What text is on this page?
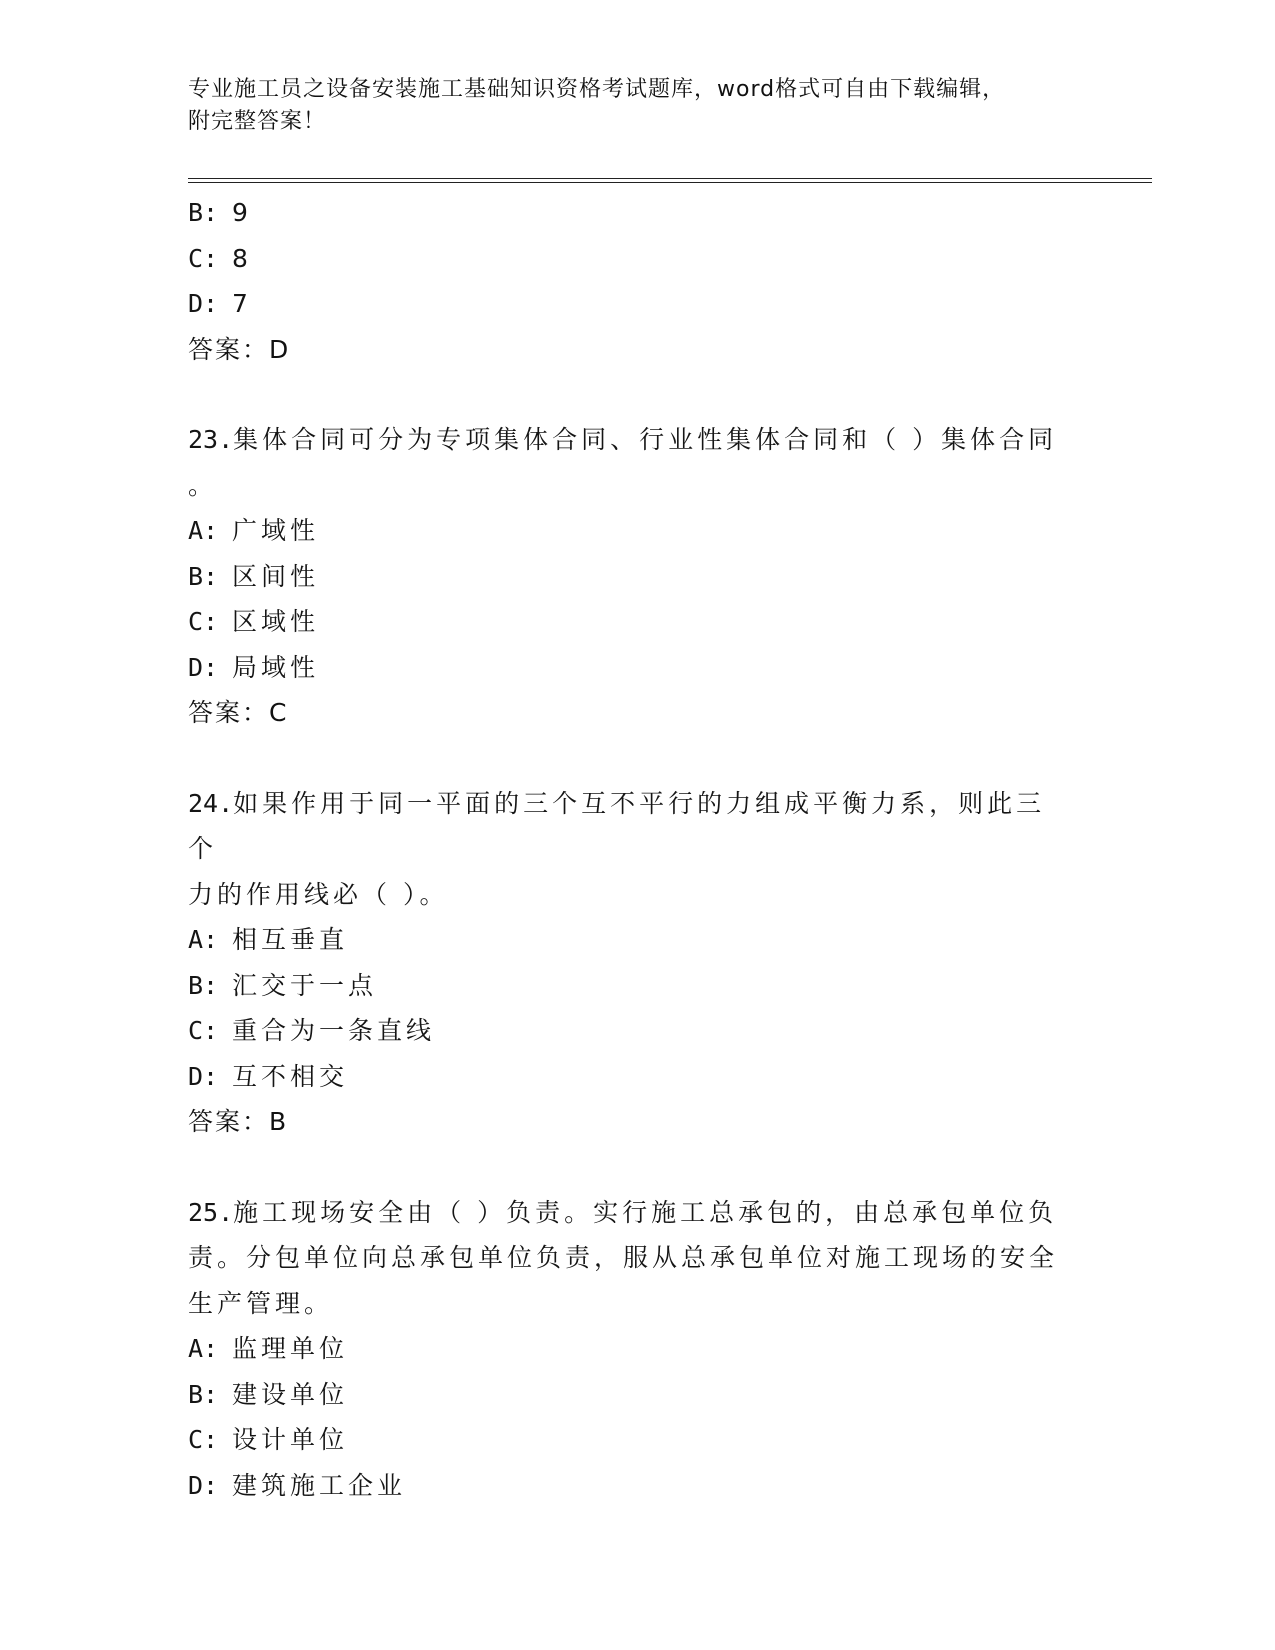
专业施工员之设备安装施工基础知识资格考试题库，word格式可自由下载编辑，
附完整答案！
B: 9
C: 8
D: 7
答案：D
23.集体合同可分为专项集体合同、行业性集体合同和（ ）集体合同
。
A: 广域性
B: 区间性
C: 区域性
D: 局域性
答案：C
24.如果作用于同一平面的三个互不平行的力组成平衡力系，则此三个
力的作用线必（ ）。
A: 相互垂直
B: 汇交于一点
C: 重合为一条直线
D: 互不相交
答案：B
25.施工现场安全由（ ）负责。实行施工总承包的，由总承包单位负
责。分包单位向总承包单位负责，服从总承包单位对施工现场的安全
生产管理。
A: 监理单位
B: 建设单位
C: 设计单位
D: 建筑施工企业
